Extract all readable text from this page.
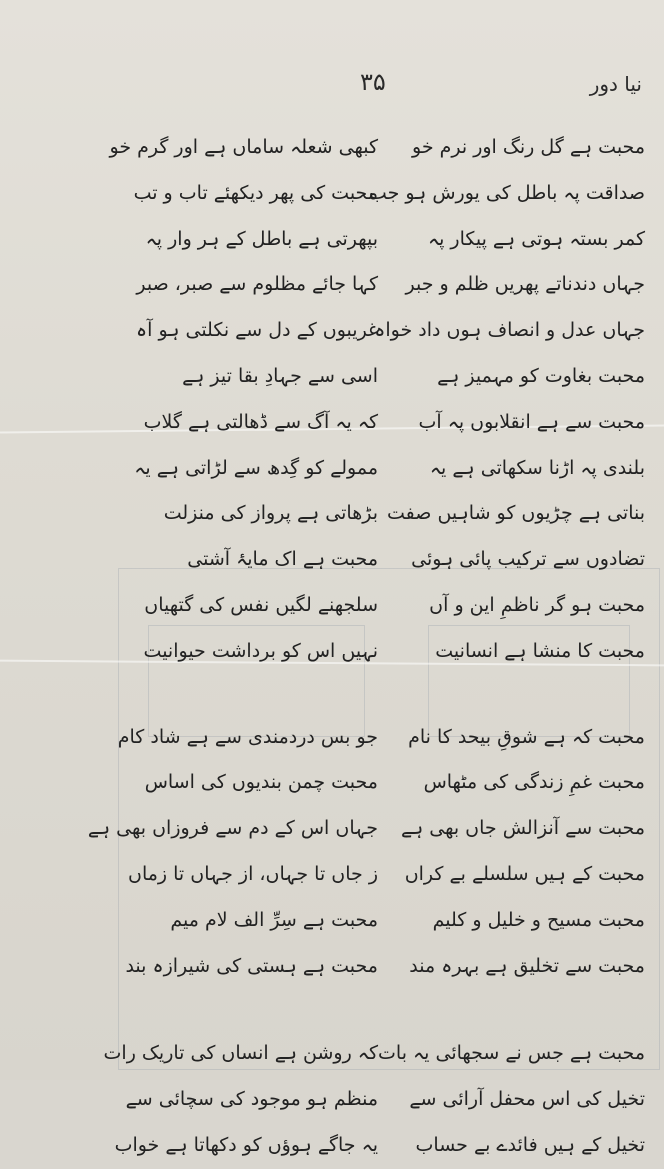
نیا دور
۳۵
محبت ہے گل رنگ اور نرم خو
صداقت پہ باطل کی یورش ہو جب
کمر بستہ ہوتی ہے پیکار پہ
جہاں دندناتے پھریں ظلم و جبر
جہاں عدل و انصاف ہوں داد خواہ
محبت بغاوت کو مہمیز ہے
محبت سے ہے انقلابوں پہ آب
بلندی پہ اڑنا سکھاتی ہے یہ
بناتی ہے چڑیوں کو شاہیں صفت
تضادوں سے ترکیب پائی ہوئی
محبت ہو گر ناظمِ این و آں
محبت کا منشا ہے انسانیت
محبت کہ ہے شوقِ بیحد کا نام
محبت غمِ زندگی کی مٹھاس
محبت سے آنزالش جاں بھی ہے
محبت کے ہیں سلسلے بے کراں
محبت مسیح و خلیل و کلیم
محبت سے تخلیق ہے بہرہ مند
محبت ہے جس نے سجھائی یہ بات
تخیل کی اس محفل آرائی سے
تخیل کے ہیں فائدے بے حساب
کبھی شعلہ ساماں ہے اور گرم خو
محبت کی پھر دیکھئے تاب و تب
بپھرتی ہے باطل کے ہر وار پہ
کہا جائے مظلوم سے صبر، صبر
غریبوں کے دل سے نکلتی ہو آہ
اسی سے جہادِ بقا تیز ہے
کہ یہ آگ سے ڈھالتی ہے گلاب
ممولے کو گِدھ سے لڑاتی ہے یہ
بڑھاتی ہے پرواز کی منزلت
محبت ہے اک مایۂ آشتی
سلجھنے لگیں نفس کی گتھیاں
نہیں اس کو برداشت حیوانیت
جو بس دردمندی سے ہے شاد کام
محبت چمن بندیوں کی اساس
جہاں اس کے دم سے فروزاں بھی ہے
ز جاں تا جہاں، از جہاں تا زماں
محبت ہے سِرِّ الف لام میم
محبت ہے ہستی کی شیرازہ بند
کہ روشن ہے انساں کی تاریک رات
منظم ہو موجود کی سچائی سے
یہ جاگے ہوؤں کو دکھاتا ہے خواب
